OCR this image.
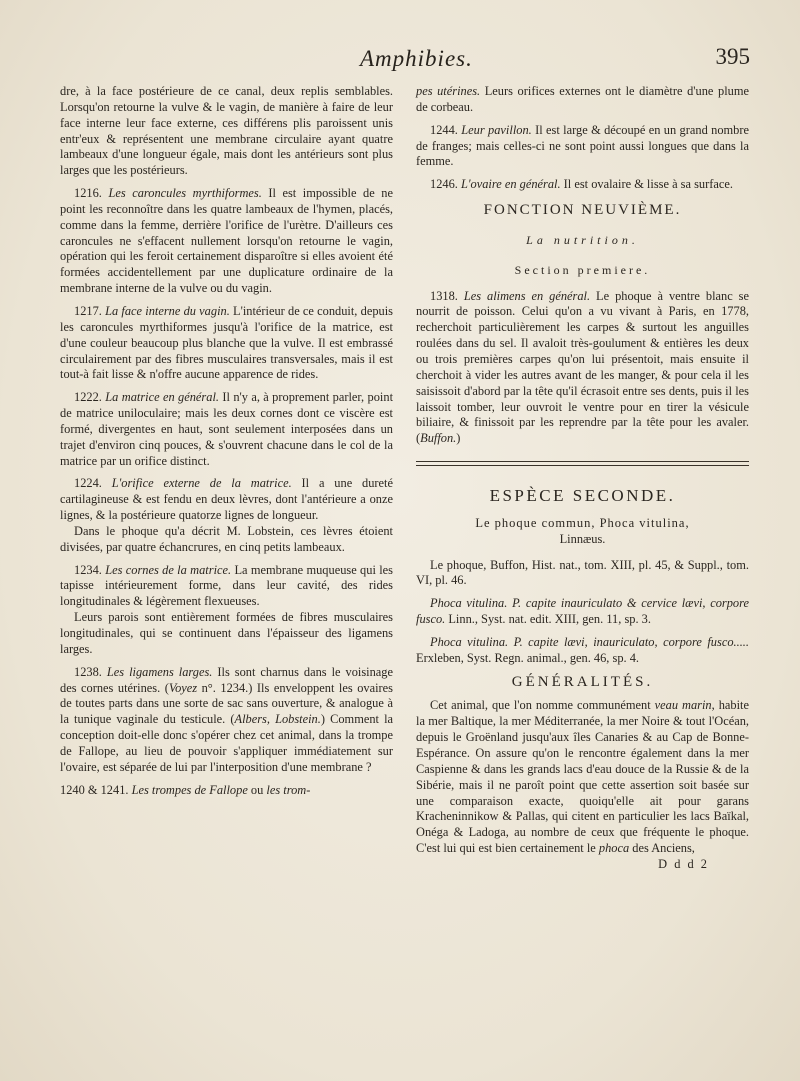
Amphibies.	395

dre, à la face postérieure de ce canal, deux replis semblables. Lorsqu'on retourne la vulve & le vagin, de manière à faire de leur face interne leur face externe, ces différens plis paroissent unis entr'eux & représentent une membrane circulaire ayant quatre lambeaux d'une longueur égale, mais dont les antérieurs sont plus larges que les postérieurs.

1216. Les caroncules myrthiformes. Il est impossible de ne point les reconnoître dans les quatre lambeaux de l'hymen, placés, comme dans la femme, derrière l'orifice de l'urètre. D'ailleurs ces caroncules ne s'effacent nullement lorsqu'on retourne le vagin, opération qui les feroit certainement disparoître si elles avoient été formées accidentellement par une duplicature ordinaire de la membrane interne de la vulve ou du vagin.

1217. La face interne du vagin. L'intérieur de ce conduit, depuis les caroncules myrthiformes jusqu'à l'orifice de la matrice, est d'une couleur beaucoup plus blanche que la vulve. Il est embrassé circulairement par des fibres musculaires transversales, mais il est tout-à fait lisse & n'offre aucune apparence de rides.

1222. La matrice en général. Il n'y a, à proprement parler, point de matrice uniloculaire; mais les deux cornes dont ce viscère est formé, divergentes en haut, sont seulement interposées dans un trajet d'environ cinq pouces, & s'ouvrent chacune dans le col de la matrice par un orifice distinct.

1224. L'orifice externe de la matrice. Il a une dureté cartilagineuse & est fendu en deux lèvres, dont l'antérieure a onze lignes, & la postérieure quatorze lignes de longueur.

Dans le phoque qu'a décrit M. Lobstein, ces lèvres étoient divisées, par quatre échancrures, en cinq petits lambeaux.

1234. Les cornes de la matrice. La membrane muqueuse qui les tapisse intérieurement forme, dans leur cavité, des rides longitudinales & légèrement flexueuses.

Leurs parois sont entièrement formées de fibres musculaires longitudinales, qui se continuent dans l'épaisseur des ligamens larges.

1238. Les ligamens larges. Ils sont charnus dans le voisinage des cornes utérines. (Voyez n°. 1234.) Ils enveloppent les ovaires de toutes parts dans une sorte de sac sans ouverture, & analogue à la tunique vaginale du testicule. (Albers, Lobstein.) Comment la conception doit-elle donc s'opérer chez cet animal, dans la trompe de Fallope, au lieu de pouvoir s'appliquer immédiatement sur l'ovaire, est séparée de lui par l'interposition d'une membrane ?

1240 & 1241. Les trompes de Fallope ou les trom-

pes utérines. Leurs orifices externes ont le diamètre d'une plume de corbeau.

1244. Leur pavillon. Il est large & découpé en un grand nombre de franges; mais celles-ci ne sont point aussi longues que dans la femme.

1246. L'ovaire en général. Il est ovalaire & lisse à sa surface.

FONCTION NEUVIÈME.

La nutrition.

Section premiere.

1318. Les alimens en général. Le phoque à ventre blanc se nourrit de poisson. Celui qu'on a vu vivant à Paris, en 1778, recherchoit particulièrement les carpes & surtout les anguilles roulées dans du sel. Il avaloit très-goulument & entières les deux ou trois premières carpes qu'on lui présentoit, mais ensuite il cherchoit à vider les autres avant de les manger, & pour cela il les saisissoit d'abord par la tête qu'il écrasoit entre ses dents, puis il les laissoit tomber, leur ouvroit le ventre pour en tirer la vésicule biliaire, & finissoit par les reprendre par la tête pour les avaler. (Buffon.)

ESPÈCE SECONDE.

Le phoque commun, Phoca vitulina,

Linnæus.

Le phoque, Buffon, Hist. nat., tom. XIII, pl. 45, & Suppl., tom. VI, pl. 46.

Phoca vitulina. P. capite inauriculato & cervice lævi, corpore fusco. Linn., Syst. nat. edit. XIII, gen. 11, sp. 3.

Phoca vitulina. P. capite lævi, inauriculato, corpore fusco..... Erxleben, Syst. Regn. animal., gen. 46, sp. 4.

GÉNÉRALITÉS.

Cet animal, que l'on nomme communément veau marin, habite la mer Baltique, la mer Méditerranée, la mer Noire & tout l'Océan, depuis le Groënland jusqu'aux îles Canaries & au Cap de Bonne-Espérance. On assure qu'on le rencontre également dans la mer Caspienne & dans les grands lacs d'eau douce de la Russie & de la Sibérie, mais il ne paroît point que cette assertion soit basée sur une comparaison exacte, quoiqu'elle ait pour garans Kracheninnikow & Pallas, qui citent en particulier les lacs Baïkal, Onéga & Ladoga, au nombre de ceux que fréquente le phoque. C'est lui qui est bien certainement le phoca des Anciens,

D d d 2
